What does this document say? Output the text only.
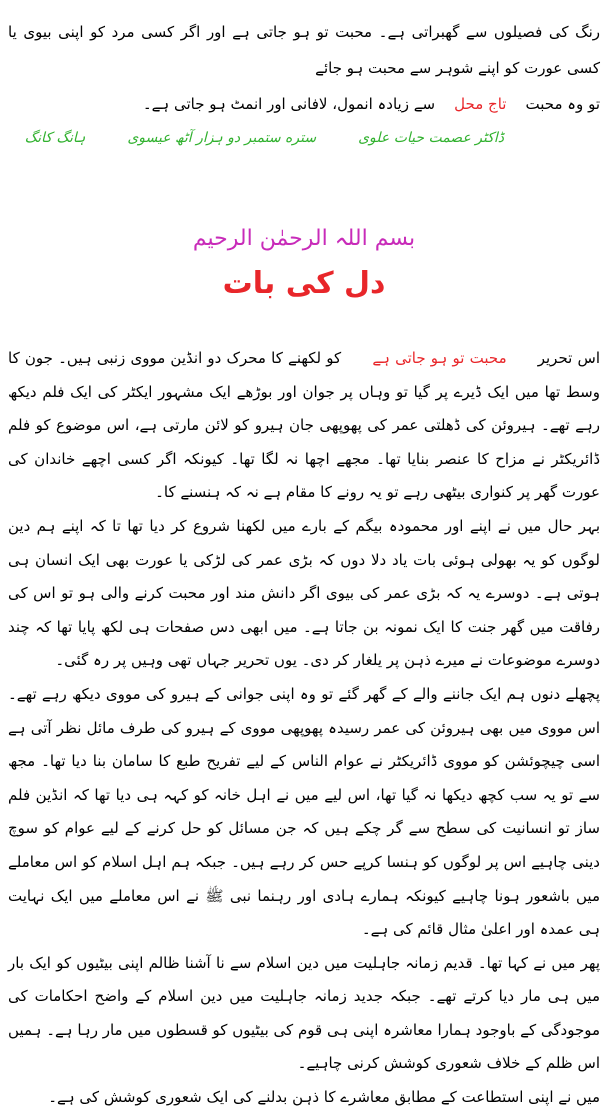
رنگ کی فصیلوں سے گھبراتی ہے۔ محبت تو ہو جاتی ہے اور اگر کسی مرد کو اپنی بیوی یا کسی عورت کو اپنے شوہر سے محبت ہو جائے
تو وہ محبت    تاج محل    سے زیادہ انمول، لافانی اور انمٹ ہو جاتی ہے۔
ڈاکٹر عصمت حیات علوی
ستره ستمبر دو ہزار آٹھ عیسوی
ہانگ کانگ
بسم اللہ الرحمٰن الرحیم
دل کی بات

اس تحریر      محبت تو ہو جاتی ہے      کو لکھنے کا محرک دو انڈین مووی زنبی ہیں۔ جون کا وسط تھا میں ایک ڈیرے پر گیا تو وہاں پر جوان اور بوڑھے ایک مشہور ایکٹر کی ایک فلم دیکھ رہے تھے۔ ہیروئن کی ڈھلتی عمر کی پھوپھی جان ہیرو کو لائن مارتی ہے، اس موضوع کو فلم ڈائریکٹر نے مزاح کا عنصر بنایا تھا۔ مجھے اچھا نہ لگا تھا۔ کیونکہ اگر کسی اچھے خاندان کی عورت گھر پر کنواری بیٹھی رہے تو یہ رونے کا مقام ہے نہ کہ ہنسنے کا۔

بہر حال میں نے اپنے اور محمودہ بیگم کے بارے میں لکھنا شروع کر دیا تھا تا کہ اپنے ہم دین لوگوں کو یہ بھولی ہوئی بات یاد دلا دوں کہ بڑی عمر کی لڑکی یا عورت بھی ایک انسان ہی ہوتی ہے۔ دوسرے یہ کہ بڑی عمر کی بیوی اگر دانش مند اور محبت کرنے والی ہو تو اس کی رفاقت میں گھر جنت کا ایک نمونہ بن جاتا ہے۔ میں ابھی دس صفحات ہی لکھ پایا تھا کہ چند دوسرے موضوعات نے میرے ذہن پر یلغار کر دی۔ یوں تحریر جہاں تھی وہیں پر رہ گئی۔

پچھلے دنوں ہم ایک جاننے والے کے گھر گئے تو وہ اپنی جوانی کے ہیرو کی مووی دیکھ رہے تھے۔ اس مووی میں بھی ہیروئن کی عمر رسیدہ پھوپھی مووی کے ہیرو کی طرف مائل نظر آتی ہے اسی چیچوئشن کو مووی ڈائریکٹر نے عوام الناس کے لیے تفریح طبع کا سامان بنا دیا تھا۔ مجھ سے تو یہ سب کچھ دیکھا نہ گیا تھا، اس لیے میں نے اہل خانہ کو کہہ ہی دیا تھا کہ انڈین فلم ساز تو انسانیت کی سطح سے گر چکے ہیں کہ جن مسائل کو حل کرنے کے لیے عوام کو سوچ دینی چاہیے اس پر لوگوں کو ہنسا کرپے حس کر رہے ہیں۔ جبکہ ہم اہل اسلام کو اس معاملے میں باشعور ہونا چاہیے کیونکہ ہمارے ہادی اور رہنما نبی ﷺ نے اس معاملے میں ایک نہایت ہی عمدہ اور اعلیٰ مثال قائم کی ہے۔

پھر میں نے کہا تھا۔ قدیم زمانہ جاہلیت میں دین اسلام سے نا آشنا ظالم اپنی بیٹیوں کو ایک بار میں ہی مار دیا کرتے تھے۔ جبکہ جدید زمانہ جاہلیت میں دین اسلام کے واضح احکامات کی موجودگی کے باوجود ہمارا معاشرہ اپنی ہی قوم کی بیٹیوں کو قسطوں میں مار رہا ہے۔ ہمیں اس ظلم کے خلاف شعوری کوشش کرنی چاہیے۔

میں نے اپنی استطاعت کے مطابق معاشرے کا ذہن بدلنے کی ایک شعوری کوشش کی ہے۔
